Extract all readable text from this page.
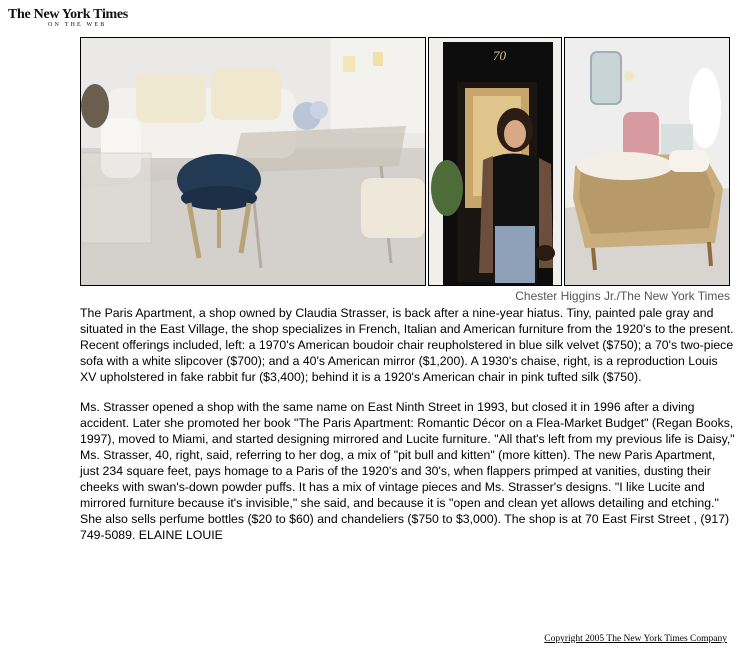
The New York Times
ON THE WEB
70
Chester Higgins Jr./The New York Times

The Paris Apartment, a shop owned by Claudia Strasser, is back after a nine-year hiatus. Tiny, painted pale gray and situated in the East Village, the shop specializes in French, Italian and American furniture from the 1920's to the present. Recent offerings included, left: a 1970's American boudoir chair reupholstered in blue silk velvet ($750); a 70's two-piece sofa with a white slipcover ($700); and a 40's American mirror ($1,200). A 1930's chaise, right, is a reproduction Louis XV upholstered in fake rabbit fur ($3,400); behind it is a 1920's American chair in pink tufted silk ($750).

Ms. Strasser opened a shop with the same name on East Ninth Street in 1993, but closed it in 1996 after a diving accident. Later she promoted her book "The Paris Apartment: Romantic Décor on a Flea-Market Budget" (Regan Books, 1997), moved to Miami, and started designing mirrored and Lucite furniture. "All that's left from my previous life is Daisy," Ms. Strasser, 40, right, said, referring to her dog, a mix of "pit bull and kitten" (more kitten). The new Paris Apartment, just 234 square feet, pays homage to a Paris of the 1920's and 30's, when flappers primped at vanities, dusting their cheeks with swan's-down powder puffs. It has a mix of vintage pieces and Ms. Strasser's designs. "I like Lucite and mirrored furniture because it's invisible," she said, and because it is "open and clean yet allows detailing and etching." She also sells perfume bottles ($20 to $60) and chandeliers ($750 to $3,000). The shop is at 70 East First Street , (917) 749-5089. ELAINE LOUIE

Copyright 2005 The New York Times Company
